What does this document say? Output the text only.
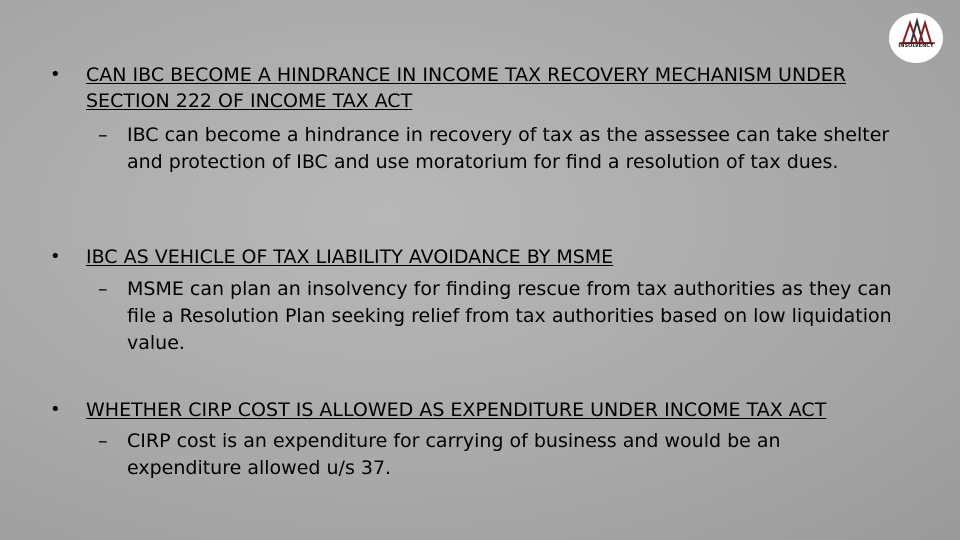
INSOLVENCY
•	CAN IBC BECOME A HINDRANCE IN INCOME TAX RECOVERY MECHANISM UNDER SECTION 222 OF INCOME TAX ACT
– IBC can become a hindrance in recovery of tax as the assessee can take shelter and protection of IBC and use moratorium for find a resolution of tax dues.
•	IBC AS VEHICLE OF TAX LIABILITY AVOIDANCE BY MSME
– MSME can plan an insolvency for finding rescue from tax authorities as they can file a Resolution Plan seeking relief from tax authorities based on low liquidation value.
•	WHETHER CIRP COST IS ALLOWED AS EXPENDITURE UNDER INCOME TAX ACT
– CIRP cost is an expenditure for carrying of business and would be an expenditure allowed u/s 37.
